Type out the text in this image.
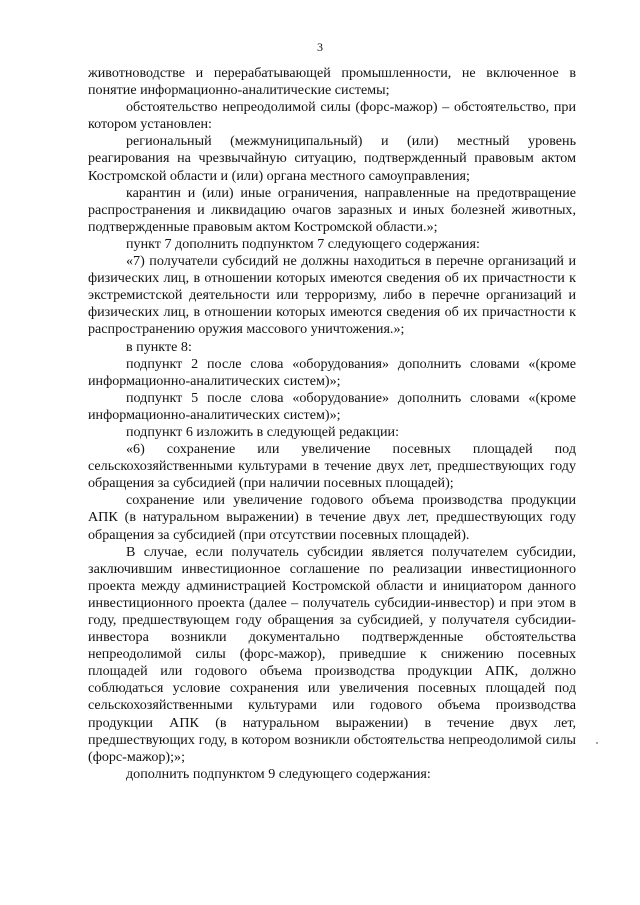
3

животноводстве и перерабатывающей промышленности, не включенное в понятие информационно-аналитические системы;

обстоятельство непреодолимой силы (форс-мажор) – обстоятельство, при котором установлен:

региональный (межмуниципальный) и (или) местный уровень реагирования на чрезвычайную ситуацию, подтвержденный правовым актом Костромской области и (или) органа местного самоуправления;

карантин и (или) иные ограничения, направленные на предотвращение распространения и ликвидацию очагов заразных и иных болезней животных, подтвержденные правовым актом Костромской области.»;

пункт 7 дополнить подпунктом 7 следующего содержания:

«7) получатели субсидий не должны находиться в перечне организаций и физических лиц, в отношении которых имеются сведения об их причастности к экстремистской деятельности или терроризму, либо в перечне организаций и физических лиц, в отношении которых имеются сведения об их причастности к распространению оружия массового уничтожения.»;

в пункте 8:

подпункт 2 после слова «оборудования» дополнить словами «(кроме информационно-аналитических систем)»;

подпункт 5 после слова «оборудование» дополнить словами «(кроме информационно-аналитических систем)»;

подпункт 6 изложить в следующей редакции:

«6) сохранение или увеличение посевных площадей под сельскохозяйственными культурами в течение двух лет, предшествующих году обращения за субсидией (при наличии посевных площадей);

сохранение или увеличение годового объема производства продукции АПК (в натуральном выражении) в течение двух лет, предшествующих году обращения за субсидией (при отсутствии посевных площадей).

В случае, если получатель субсидии является получателем субсидии, заключившим инвестиционное соглашение по реализации инвестиционного проекта между администрацией Костромской области и инициатором данного инвестиционного проекта (далее – получатель субсидии-инвестор) и при этом в году, предшествующем году обращения за субсидией, у получателя субсидии-инвестора возникли документально подтвержденные обстоятельства непреодолимой силы (форс-мажор), приведшие к снижению посевных площадей или годового объема производства продукции АПК, должно соблюдаться условие сохранения или увеличения посевных площадей под сельскохозяйственными культурами или годового объема производства продукции АПК (в натуральном выражении) в течение двух лет, предшествующих году, в котором возникли обстоятельства непреодолимой силы (форс-мажор);»;

дополнить подпунктом 9 следующего содержания:
